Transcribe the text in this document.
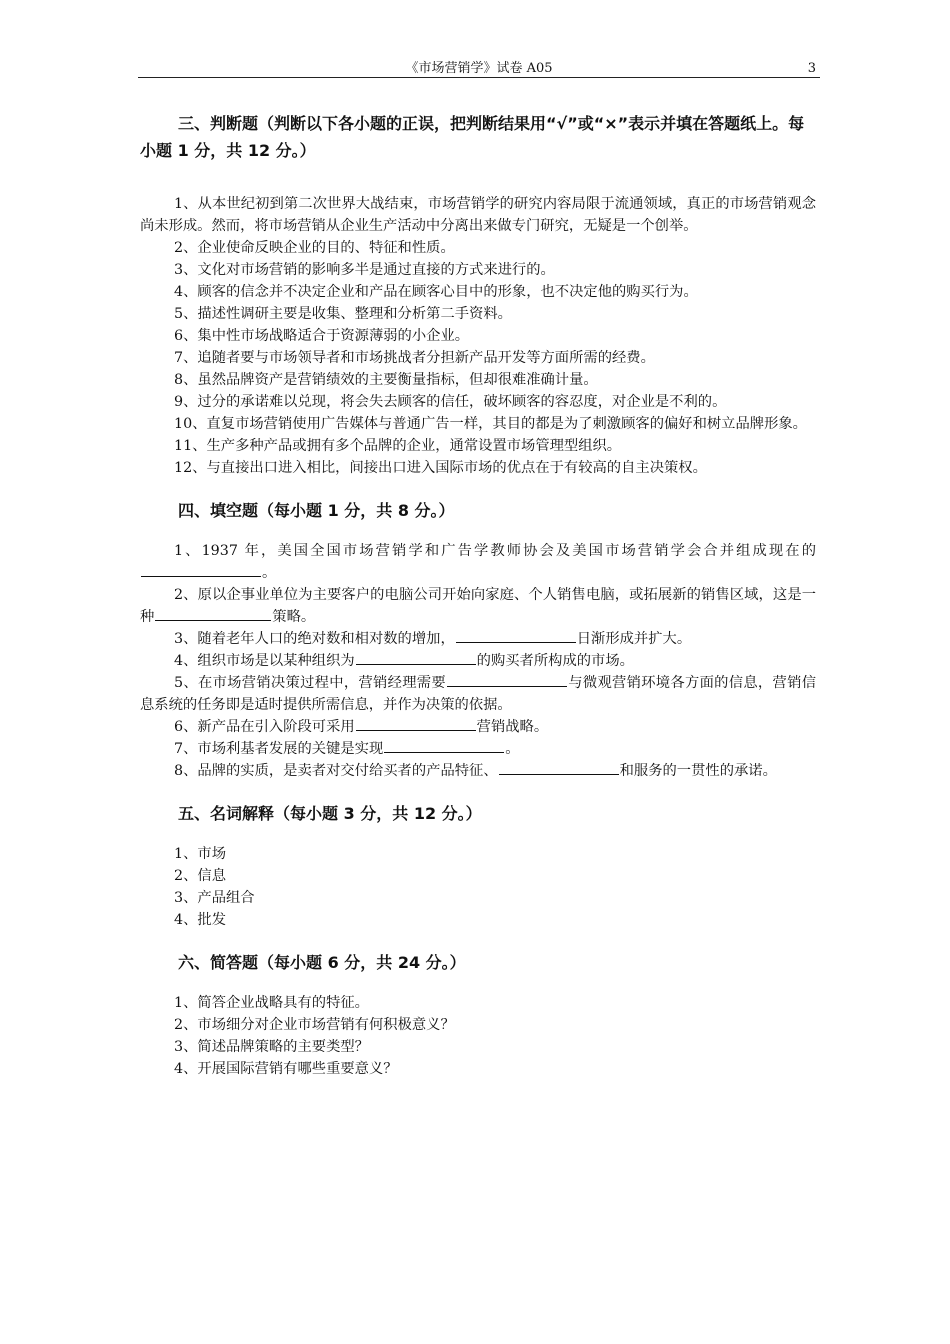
《市场营销学》试卷 A05	3

三、判断题（判断以下各小题的正误，把判断结果用“√”或“×”表示并填在答题纸上。每小题 1 分，共 12 分。）

1、从本世纪初到第二次世界大战结束，市场营销学的研究内容局限于流通领域，真正的市场营销观念尚未形成。然而，将市场营销从企业生产活动中分离出来做专门研究，无疑是一个创举。

2、企业使命反映企业的目的、特征和性质。

3、文化对市场营销的影响多半是通过直接的方式来进行的。

4、顾客的信念并不决定企业和产品在顾客心目中的形象，也不决定他的购买行为。

5、描述性调研主要是收集、整理和分析第二手资料。

6、集中性市场战略适合于资源薄弱的小企业。

7、追随者要与市场领导者和市场挑战者分担新产品开发等方面所需的经费。

8、虽然品牌资产是营销绩效的主要衡量指标，但却很难准确计量。

9、过分的承诺难以兑现，将会失去顾客的信任，破坏顾客的容忍度，对企业是不利的。

10、直复市场营销使用广告媒体与普通广告一样，其目的都是为了刺激顾客的偏好和树立品牌形象。

11、生产多种产品或拥有多个品牌的企业，通常设置市场管理型组织。

12、与直接出口进入相比，间接出口进入国际市场的优点在于有较高的自主决策权。

四、填空题（每小题 1 分，共 8 分。）

1、1937 年，美国全国市场营销学和广告学教师协会及美国市场营销学会合并组成现在的。

2、原以企事业单位为主要客户的电脑公司开始向家庭、个人销售电脑，或拓展新的销售区域，这是一种	策略。

3、随着老年人口的绝对数和相对数的增加，	日渐形成并扩大。

4、组织市场是以某种组织为	的购买者所构成的市场。

5、在市场营销决策过程中，营销经理需要	与微观营销环境各方面的信息，营销信息系统的任务即是适时提供所需信息，并作为决策的依据。

6、新产品在引入阶段可采用	营销战略。

7、市场利基者发展的关键是实现	。

8、品牌的实质，是卖者对交付给买者的产品特征、	和服务的一贯性的承诺。

五、名词解释（每小题 3 分，共 12 分。）

1、市场

2、信息

3、产品组合

4、批发

六、简答题（每小题 6 分，共 24 分。）

1、简答企业战略具有的特征。

2、市场细分对企业市场营销有何积极意义？

3、简述品牌策略的主要类型？

4、开展国际营销有哪些重要意义？
